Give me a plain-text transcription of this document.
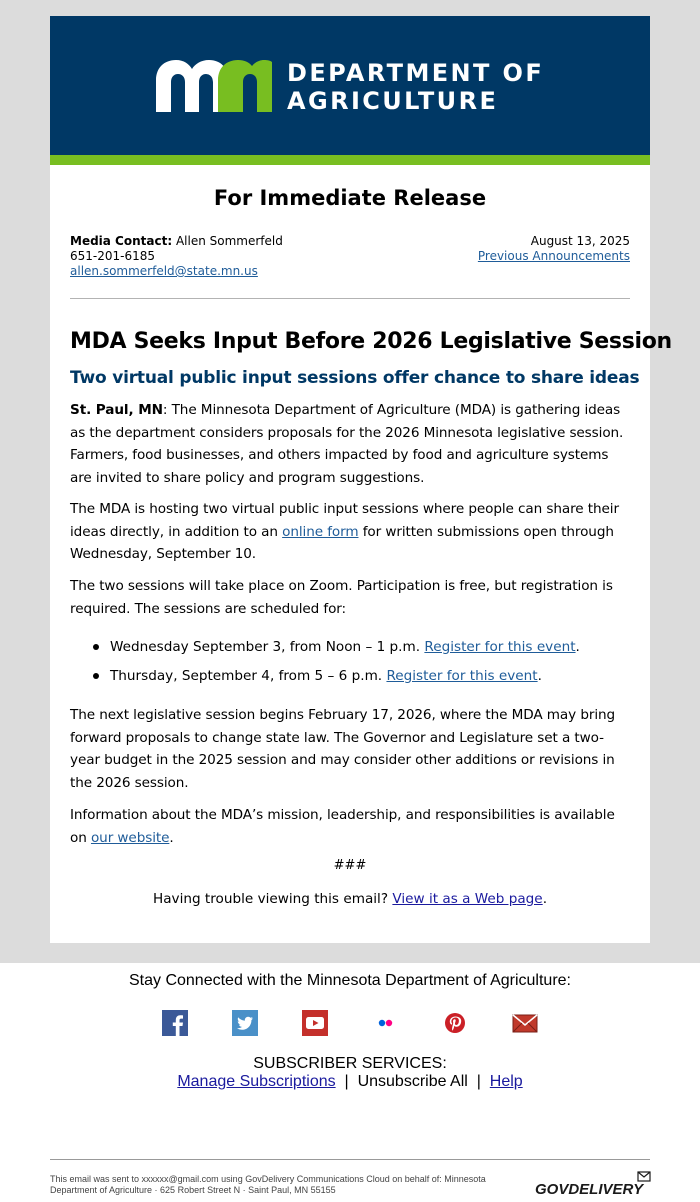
DEPARTMENT OF
AGRICULTURE
For Immediate Release
Media Contact: Allen Sommerfeld
651-201-6185
allen.sommerfeld@state.mn.us
August 13, 2025
Previous Announcements
MDA Seeks Input Before 2026 Legislative Session
Two virtual public input sessions offer chance to share ideas

St. Paul, MN: The Minnesota Department of Agriculture (MDA) is gathering ideas as the department considers proposals for the 2026 Minnesota legislative session. Farmers, food businesses, and others impacted by food and agriculture systems are invited to share policy and program suggestions.

The MDA is hosting two virtual public input sessions where people can share their ideas directly, in addition to an online form for written submissions open through Wednesday, September 10.

The two sessions will take place on Zoom. Participation is free, but registration is required. The sessions are scheduled for:

Wednesday September 3, from Noon – 1 p.m. Register for this event.
Thursday, September 4, from 5 – 6 p.m. Register for this event.

The next legislative session begins February 17, 2026, where the MDA may bring forward proposals to change state law. The Governor and Legislature set a two-year budget in the 2025 session and may consider other additions or revisions in the 2026 session.

Information about the MDA’s mission, leadership, and responsibilities is available on our website.

###
Having trouble viewing this email? View it as a Web page.
Stay Connected with the Minnesota Department of Agriculture:
SUBSCRIBER SERVICES:
Manage Subscriptions  |  Unsubscribe All  |  Help
This email was sent to xxxxxx@gmail.com using GovDelivery Communications Cloud on behalf of: Minnesota
Department of Agriculture · 625 Robert Street N · Saint Paul, MN 55155	GOVDELIVERY
